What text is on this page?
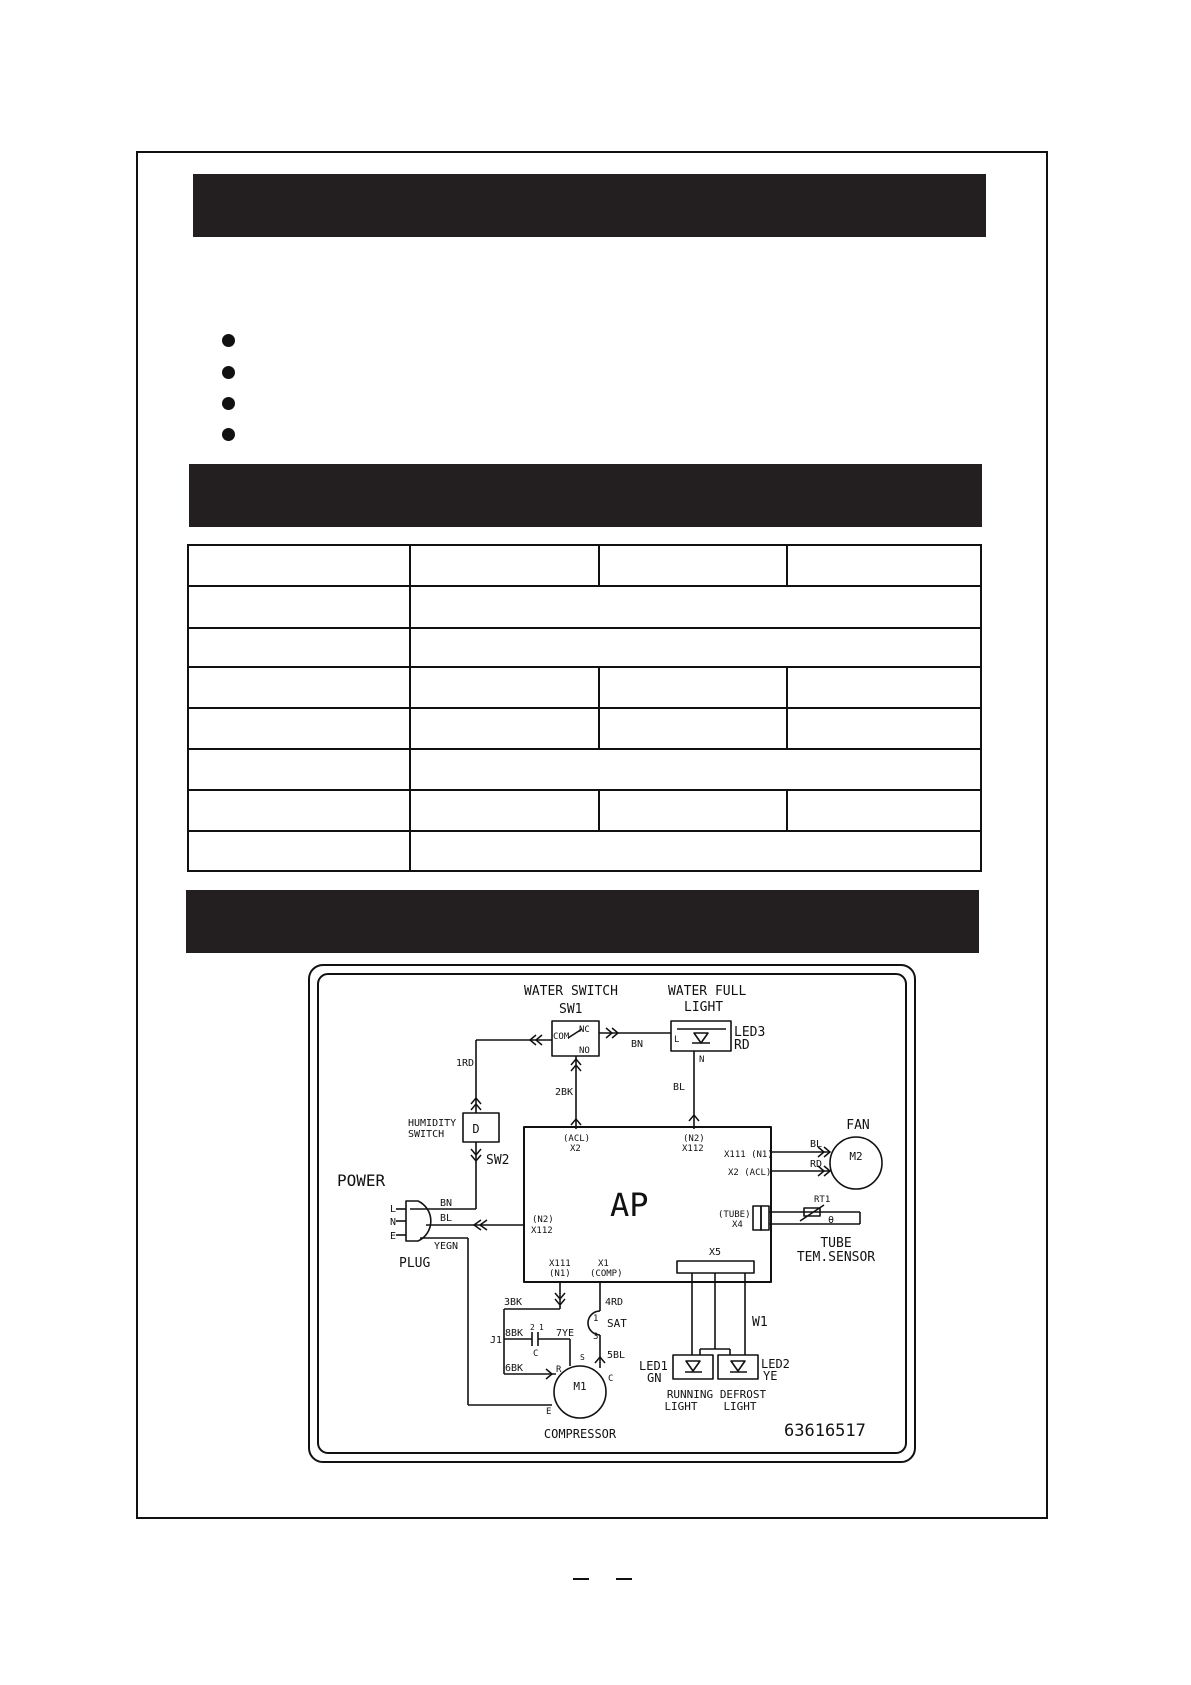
WATER SWITCH
SW1
COM
NC
NO
WATER FULL
LIGHT
LED3
RD
L
N
BN
1RD
2BK	BL
HUMIDITY
SWITCH D
SW2
POWER
(ACL)
X2
(N2)
X112
AP
X111 (N1)
X2 (ACL)
FAN
M2
BL
RD
RT1
(TUBE)
X4	θ
TUBE
TEM.SENSOR
L
N
E
BN
BL
YEGN
PLUG
(N2)
X112
X111
(N1)
X1
(COMP)
X5
3BK	4RD
1 SAT
3
J1
8BK
2 1
7YE
C	5BL
6BK	R
S
C
M1
E
COMPRESSOR
W1
LED1
GN
LED2
YE
RUNNING
LIGHT
DEFROST
LIGHT
63616517
